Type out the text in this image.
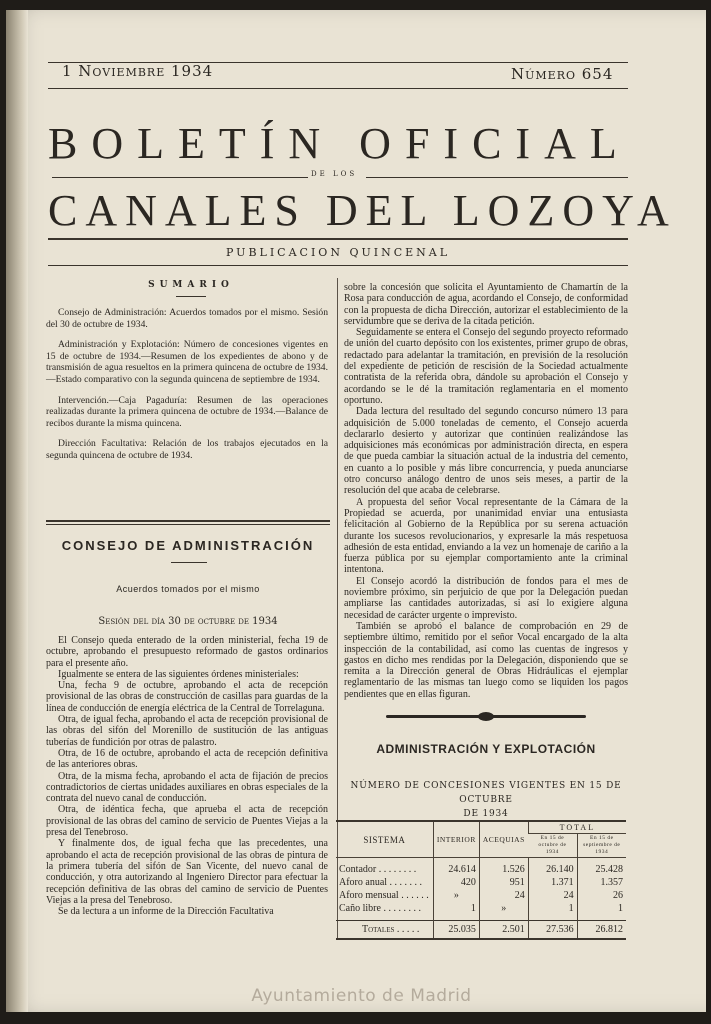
1 Noviembre 1934	Número 654
BOLETÍN OFICIAL
DE LOS
CANALES DEL LOZOYA
PUBLICACION QUINCENAL
SUMARIO

Consejo de Administración: Acuerdos tomados por el mismo. Sesión del 30 de octubre de 1934.

Administración y Explotación: Número de concesiones vigentes en 15 de octubre de 1934.—Resumen de los expedientes de abono y de transmisión de agua resueltos en la primera quincena de octubre de 1934.—Estado comparativo con la segunda quincena de septiembre de 1934.

Intervención.—Caja Pagaduría: Resumen de las operaciones realizadas durante la primera quincena de octubre de 1934.—Balance de recibos durante la misma quincena.

Dirección Facultativa: Relación de los trabajos ejecutados en la segunda quincena de octubre de 1934.

CONSEJO DE ADMINISTRACIÓN
Acuerdos tomados por el mismo
Sesión del día 30 de octubre de 1934

El Consejo queda enterado de la orden ministerial, fecha 19 de octubre, aprobando el presupuesto reformado de gastos ordinarios para el presente año.

Igualmente se entera de las siguientes órdenes ministeriales:

Una, fecha 9 de octubre, aprobando el acta de recepción provisional de las obras de construcción de casillas para guardas de la línea de conducción de energía eléctrica de la Central de Torrelaguna.

Otra, de igual fecha, aprobando el acta de recepción provisional de las obras del sifón del Morenillo de sustitución de las antiguas tuberías de fundición por otras de palastro.

Otra, de 16 de octubre, aprobando el acta de recepción definitiva de las anteriores obras.

Otra, de la misma fecha, aprobando el acta de fijación de precios contradictorios de ciertas unidades auxiliares en obras especiales de la contrata del nuevo canal de conducción.

Otra, de idéntica fecha, que aprueba el acta de recepción provisional de las obras del camino de servicio de Puentes Viejas a la presa del Tenebroso.

Y finalmente dos, de igual fecha que las precedentes, una aprobando el acta de recepción provisional de las obras de pintura de la primera tubería del sifón de San Vicente, del nuevo canal de conducción, y otra autorizando al Ingeniero Director para efectuar la recepción definitiva de las obras del camino de servicio de Puentes Viejas a la presa del Tenebroso.

Se da lectura a un informe de la Dirección Facultativa

sobre la concesión que solicita el Ayuntamiento de Chamartín de la Rosa para conducción de agua, acordando el Consejo, de conformidad con la propuesta de dicha Dirección, autorizar el establecimiento de la servidumbre que se deriva de la citada petición.

Seguidamente se entera el Consejo del segundo proyecto reformado de unión del cuarto depósito con los existentes, primer grupo de obras, redactado para adelantar la tramitación, en previsión de la resolución del expediente de petición de rescisión de la Sociedad actualmente contratista de la referida obra, dándole su aprobación el Consejo y acordando se le dé la tramitación reglamentaria en el momento oportuno.

Dada lectura del resultado del segundo concurso número 13 para adquisición de 5.000 toneladas de cemento, el Consejo acuerda declararlo desierto y autorizar que continúen realizándose las adquisiciones más económicas por administración directa, en espera de que pueda cambiar la situación actual de la industria del cemento, en cuanto a lo posible y más libre concurrencia, y pueda anunciarse otro concurso análogo dentro de unos seis meses, a partir de la resolución del que acaba de celebrarse.

A propuesta del señor Vocal representante de la Cámara de la Propiedad se acuerda, por unanimidad enviar una entusiasta felicitación al Gobierno de la República por su serena actuación durante los sucesos revolucionarios, y expresarle la más respetuosa adhesión de esta entidad, enviando a la vez un homenaje de cariño a la fuerza pública por su ejemplar comportamiento ante la criminal intentona.

El Consejo acordó la distribución de fondos para el mes de noviembre próximo, sin perjuicio de que por la Delegación puedan ampliarse las cantidades autorizadas, si así lo exigiere alguna necesidad de carácter urgente o imprevisto.

También se aprobó el balance de comprobación en 29 de septiembre último, remitido por el señor Vocal encargado de la alta inspección de la contabilidad, así como las cuentas de ingresos y gastos en dicho mes rendidas por la Delegación, disponiendo que se remita a la Dirección general de Obras Hidráulicas el ejemplar reglamentario de las mismas tan luego como se liquiden los pagos pendientes que en ellas figuran.

ADMINISTRACIÓN Y EXPLOTACIÓN
NÚMERO DE CONCESIONES VIGENTES EN 15 DE OCTUBRE
DE 1934
SISTEMA	INTERIOR	ACEQUIAS	TOTAL	
			En 15 de octubre de 1934	En 15 de septiembre de 1934
Contador . . . . . . . .	24.614	1.526	26.140	25.428
Aforo anual . . . . . . .	420	951	1.371	1.357
Aforo mensual . . . . . .	»	24	24	26
Caño libre . . . . . . . .	1	»	1	1
Totales . . . . .	25.035	2.501	27.536	26.812
Ayuntamiento de Madrid
